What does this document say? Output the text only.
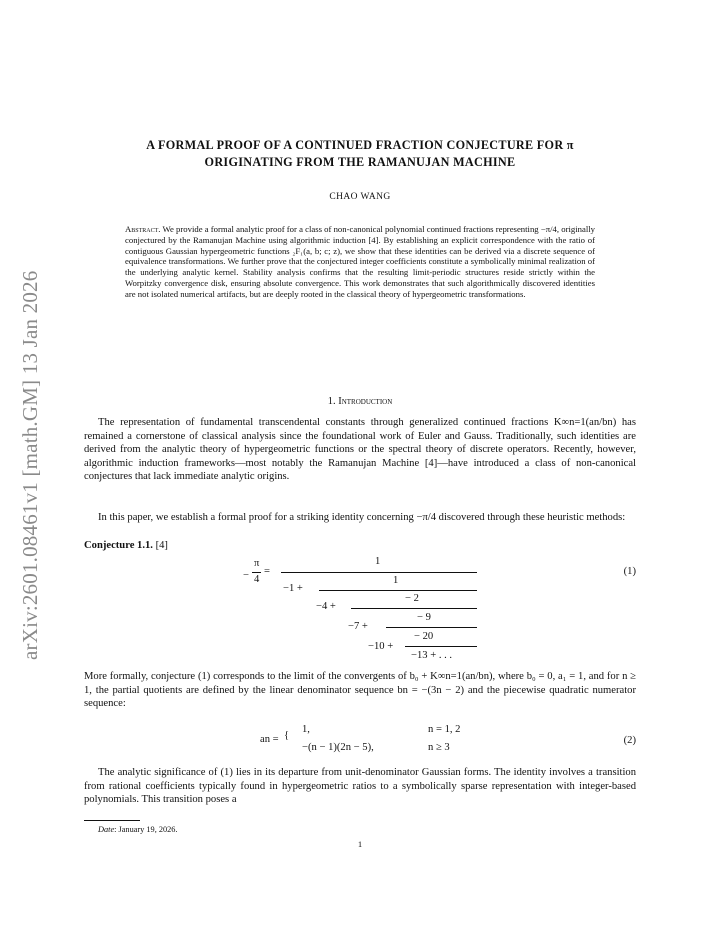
arXiv:2601.08461v1 [math.GM] 13 Jan 2026
A FORMAL PROOF OF A CONTINUED FRACTION CONJECTURE FOR π
ORIGINATING FROM THE RAMANUJAN MACHINE
CHAO WANG
Abstract. We provide a formal analytic proof for a class of non-canonical polynomial continued fractions representing −π/4, originally conjectured by the Ramanujan Machine using algorithmic induction [4]. By establishing an explicit correspondence with the ratio of contiguous Gaussian hypergeometric functions ₂F₁(a, b; c; z), we show that these identities can be derived via a discrete sequence of equivalence transformations. We further prove that the conjectured integer coefficients constitute a symbolically minimal realization of the underlying analytic kernel. Stability analysis confirms that the resulting limit-periodic structures reside strictly within the Worpitzky convergence disk, ensuring absolute convergence. This work demonstrates that such algorithmically discovered identities are not isolated numerical artifacts, but are deeply rooted in the classical theory of hypergeometric transformations.
1. Introduction
The representation of fundamental transcendental constants through generalized continued fractions K∞n=1(an/bn) has remained a cornerstone of classical analysis since the foundational work of Euler and Gauss. Traditionally, such identities are derived from the analytic theory of hypergeometric functions or the spectral theory of discrete operators. Recently, however, algorithmic induction frameworks—most notably the Ramanujan Machine [4]—have introduced a class of non-canonical conjectures that lack immediate analytic origins.
In this paper, we establish a formal proof for a striking identity concerning −π/4 discovered through these heuristic methods:
Conjecture 1.1. [4]
−
π
4
=
1
−1 +
1
−4 +
− 2
−7 +
− 9
−10 +
− 20
−13 + . . .
(1)
More formally, conjecture (1) corresponds to the limit of the convergents of b₀ + K∞n=1(an/bn), where b₀ = 0, a₁ = 1, and for n ≥ 1, the partial quotients are defined by the linear denominator sequence bn = −(3n − 2) and the piecewise quadratic numerator sequence:
an = {
1,	n = 1, 2
−(n − 1)(2n − 5),	n ≥ 3
(2)
The analytic significance of (1) lies in its departure from unit-denominator Gaussian forms. The identity involves a transition from rational coefficients typically found in hypergeometric ratios to a symbolically sparse representation with integer-based polynomials. This transition poses a
Date: January 19, 2026.
1
